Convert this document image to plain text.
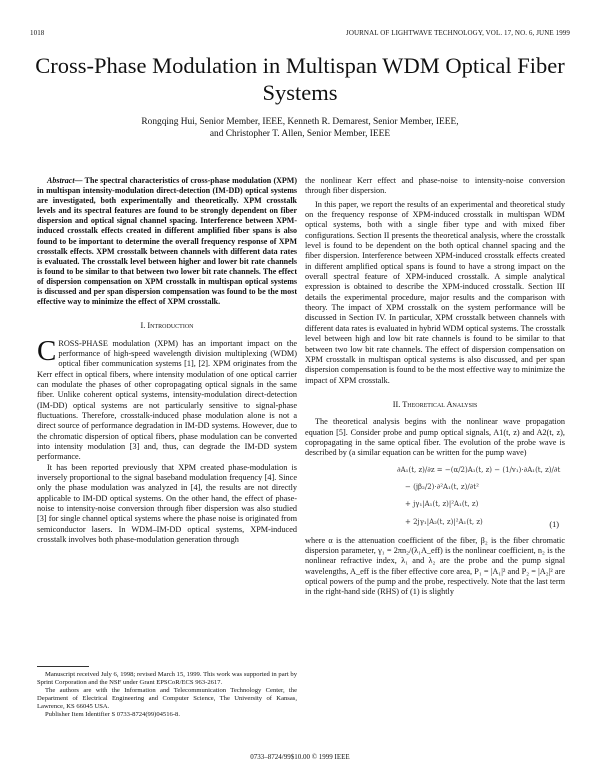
1018	JOURNAL OF LIGHTWAVE TECHNOLOGY, VOL. 17, NO. 6, JUNE 1999
Cross-Phase Modulation in Multispan WDM Optical Fiber Systems
Rongqing Hui, Senior Member, IEEE, Kenneth R. Demarest, Senior Member, IEEE,
and Christopher T. Allen, Senior Member, IEEE

Abstract— The spectral characteristics of cross-phase modulation (XPM) in multispan intensity-modulation direct-detection (IM-DD) optical systems are investigated, both experimentally and theoretically. XPM crosstalk levels and its spectral features are found to be strongly dependent on fiber dispersion and optical signal channel spacing. Interference between XPM-induced crosstalk effects created in different amplified fiber spans is also found to be important to determine the overall frequency response of XPM crosstalk effects. XPM crosstalk between channels with different data rates is evaluated. The crosstalk level between higher and lower bit rate channels is found to be similar to that between two lower bit rate channels. The effect of dispersion compensation on XPM crosstalk in multispan optical systems is discussed and per span dispersion compensation was found to be the most effective way to minimize the effect of XPM crosstalk.

I. Introduction

CROSS-PHASE modulation (XPM) has an important impact on the performance of high-speed wavelength division multiplexing (WDM) optical fiber communication systems [1], [2]. XPM originates from the Kerr effect in optical fibers, where intensity modulation of one optical carrier can modulate the phases of other copropagating optical signals in the same fiber. Unlike coherent optical systems, intensity-modulation direct-detection (IM-DD) optical systems are not particularly sensitive to signal-phase fluctuations. Therefore, crosstalk-induced phase modulation alone is not a direct source of performance degradation in IM-DD systems. However, due to the chromatic dispersion of optical fibers, phase modulation can be converted into intensity modulation [3] and, thus, can degrade the IM-DD system performance.

It has been reported previously that XPM created phase-modulation is inversely proportional to the signal baseband modulation frequency [4]. Since only the phase modulation was analyzed in [4], the results are not directly applicable to IM-DD optical systems. On the other hand, the effect of phase-noise to intensity-noise conversion through fiber dispersion was also studied [3] for single channel optical systems where the phase noise is originated from semiconductor lasers. In WDM–IM-DD optical systems, XPM-induced crosstalk involves both phase-modulation generation through

Manuscript received July 6, 1998; revised March 15, 1999. This work was supported in part by Sprint Corporation and the NSF under Grant EPSCoR/ECS 963-2617.

The authors are with the Information and Telecommunication Technology Center, the Department of Electrical Engineering and Computer Science, The University of Kansas, Lawrence, KS 66045 USA.

Publisher Item Identifier S 0733-8724(99)04516-8.

the nonlinear Kerr effect and phase-noise to intensity-noise conversion through fiber dispersion.

In this paper, we report the results of an experimental and theoretical study on the frequency response of XPM-induced crosstalk in multispan WDM optical systems, both with a single fiber type and with mixed fiber configurations. Section II presents the theoretical analysis, where the crosstalk level is found to be dependent on the both optical channel spacing and the fiber dispersion. Interference between XPM-induced crosstalk effects created in different amplified optical spans is found to have a strong impact on the overall spectral feature of XPM-induced crosstalk. A simple analytical expression is obtained to describe the XPM-induced crosstalk. Section III details the experimental procedure, major results and the comparison with theory. The impact of XPM crosstalk on the system performance will be discussed in Section IV. In particular, XPM crosstalk between channels with different data rates is evaluated in hybrid WDM optical systems. The crosstalk level between high and low bit rate channels is found to be similar to that between two low bit rate channels. The effect of dispersion compensation on XPM crosstalk in multispan optical systems is also discussed, and per span dispersion compensation is found to be the most effective way to minimize the impact of XPM crosstalk.

II. Theoretical Analysis

The theoretical analysis begins with the nonlinear wave propagation equation [5]. Consider probe and pump optical signals, A1(t, z) and A2(t, z), copropagating in the same optical fiber. The evolution of the probe wave is described by (a similar equation can be written for the pump wave)

∂A₁(t, z)/∂z = −(α/2)A₁(t, z) − (1/v₁)·∂A₁(t, z)/∂t
− (jβ₂/2)·∂²A₁(t, z)/∂t²
+ jγ₁|A₁(t, z)|²A₁(t, z)
+ 2jγ₁|A₂(t, z)|²A₁(t, z)	(1)

where α is the attenuation coefficient of the fiber, β₂ is the fiber chromatic dispersion parameter, γ₁ = 2πn₂/(λ₁A_eff) is the nonlinear coefficient, n₂ is the nonlinear refractive index, λ₁ and λ₂ are the probe and the pump signal wavelengths, A_eff is the fiber effective core area, P₁ = |A₁|² and P₂ = |A₂|² are optical powers of the pump and the probe, respectively. Note that the last term in the right-hand side (RHS) of (1) is slightly

0733–8724/99$10.00 © 1999 IEEE
